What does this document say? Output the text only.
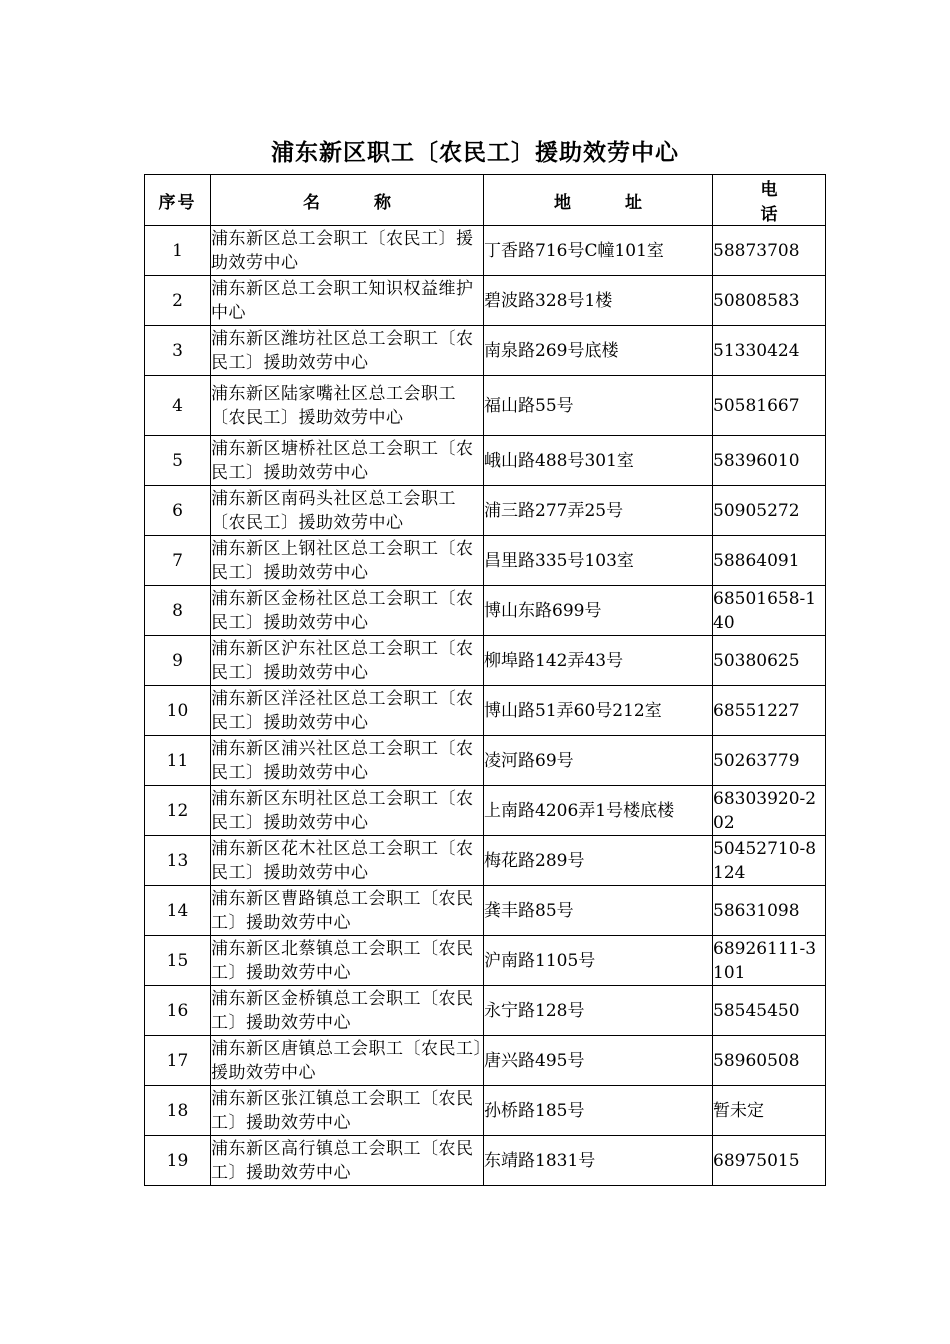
浦东新区职工〔农民工〕援助效劳中心
序号	名 称	地 址	电 话
1	浦东新区总工会职工〔农民工〕援助效劳中心	丁香路716号C幢101室	58873708
2	浦东新区总工会职工知识权益维护中心	碧波路328号1楼	50808583
3	浦东新区潍坊社区总工会职工〔农民工〕援助效劳中心	南泉路269号底楼	51330424
4	浦东新区陆家嘴社区总工会职工〔农民工〕援助效劳中心	福山路55号	50581667
5	浦东新区塘桥社区总工会职工〔农民工〕援助效劳中心	峨山路488号301室	58396010
6	浦东新区南码头社区总工会职工〔农民工〕援助效劳中心	浦三路277弄25号	50905272
7	浦东新区上钢社区总工会职工〔农民工〕援助效劳中心	昌里路335号103室	58864091
8	浦东新区金杨社区总工会职工〔农民工〕援助效劳中心	博山东路699号	68501658-140
9	浦东新区沪东社区总工会职工〔农民工〕援助效劳中心	柳埠路142弄43号	50380625
10	浦东新区洋泾社区总工会职工〔农民工〕援助效劳中心	博山路51弄60号212室	68551227
11	浦东新区浦兴社区总工会职工〔农民工〕援助效劳中心	凌河路69号	50263779
12	浦东新区东明社区总工会职工〔农民工〕援助效劳中心	上南路4206弄1号楼底楼	68303920-202
13	浦东新区花木社区总工会职工〔农民工〕援助效劳中心	梅花路289号	50452710-8124
14	浦东新区曹路镇总工会职工〔农民工〕援助效劳中心	龚丰路85号	58631098
15	浦东新区北蔡镇总工会职工〔农民工〕援助效劳中心	沪南路1105号	68926111-3101
16	浦东新区金桥镇总工会职工〔农民工〕援助效劳中心	永宁路128号	58545450
17	浦东新区唐镇总工会职工〔农民工〕援助效劳中心	唐兴路495号	58960508
18	浦东新区张江镇总工会职工〔农民工〕援助效劳中心	孙桥路185号	暂未定
19	浦东新区高行镇总工会职工〔农民工〕援助效劳中心	东靖路1831号	68975015
